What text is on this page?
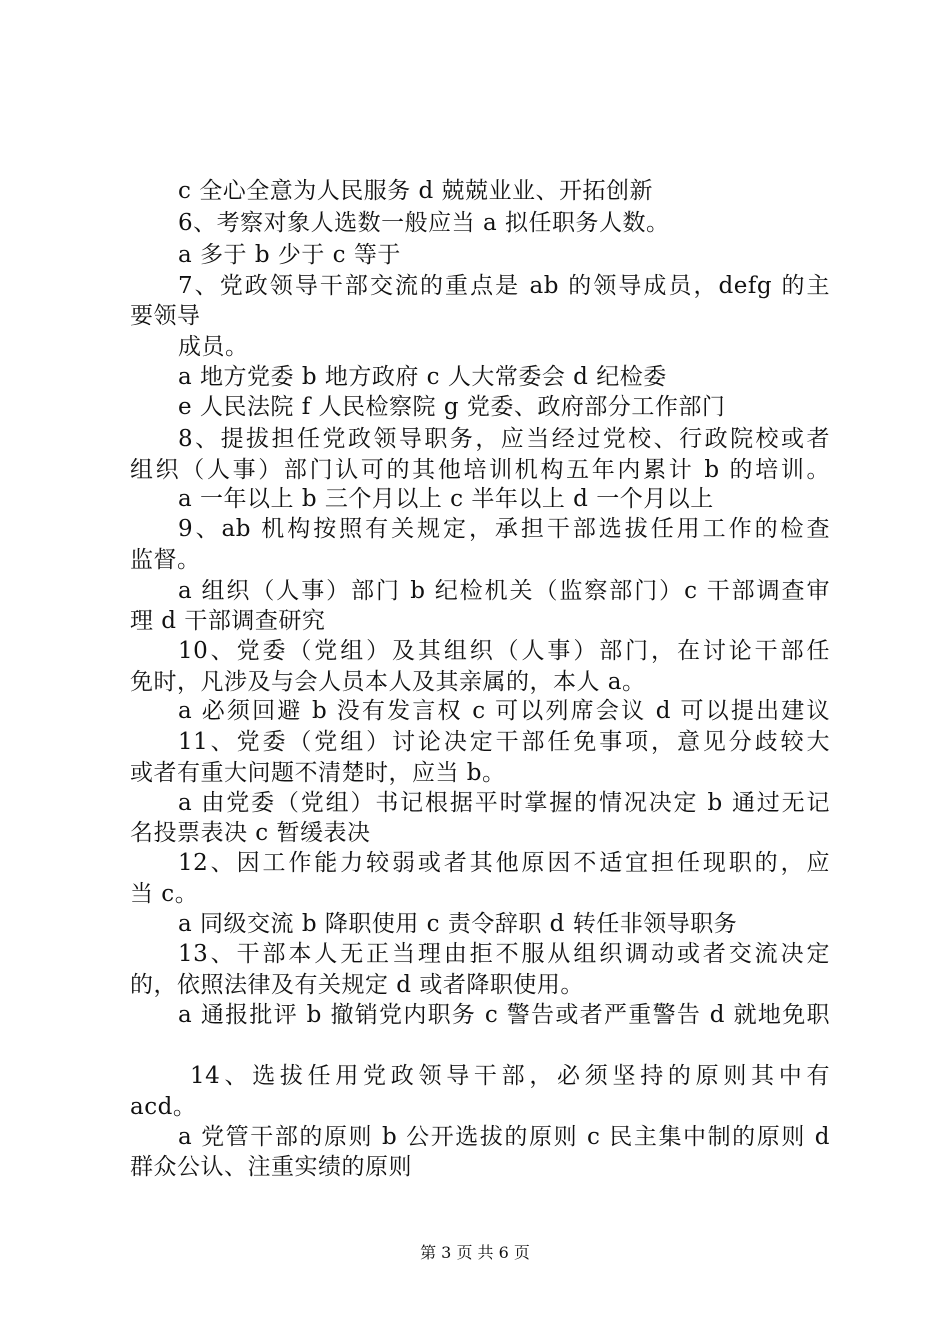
c 全心全意为人民服务 d 兢兢业业、开拓创新
6、考察对象人选数一般应当 a 拟任职务人数。
a 多于 b 少于 c 等于
7、党政领导干部交流的重点是 ab 的领导成员，defg 的主
要领导
成员。
a 地方党委 b 地方政府 c 人大常委会 d 纪检委
e 人民法院 f 人民检察院 g 党委、政府部分工作部门
8、提拔担任党政领导职务，应当经过党校、行政院校或者
组织（人事）部门认可的其他培训机构五年内累计 b 的培训。
a 一年以上 b 三个月以上 c 半年以上 d 一个月以上
9、ab 机构按照有关规定，承担干部选拔任用工作的检查
监督。
a 组织（人事）部门 b 纪检机关（监察部门）c 干部调查审
理 d 干部调查研究
10、党委（党组）及其组织（人事）部门，在讨论干部任
免时，凡涉及与会人员本人及其亲属的，本人 a。
a 必须回避 b 没有发言权 c 可以列席会议 d 可以提出建议
11、党委（党组）讨论决定干部任免事项，意见分歧较大
或者有重大问题不清楚时，应当 b。
a 由党委（党组）书记根据平时掌握的情况决定 b 通过无记
名投票表决 c 暂缓表决
12、因工作能力较弱或者其他原因不适宜担任现职的，应
当 c。
a 同级交流 b 降职使用 c 责令辞职 d 转任非领导职务
13、干部本人无正当理由拒不服从组织调动或者交流决定
的，依照法律及有关规定 d 或者降职使用。
a 通报批评 b 撤销党内职务 c 警告或者严重警告 d 就地免职
14、选拔任用党政领导干部，必须坚持的原则其中有
acd。
a 党管干部的原则 b 公开选拔的原则 c 民主集中制的原则 d
群众公认、注重实绩的原则
第 3 页 共 6 页
